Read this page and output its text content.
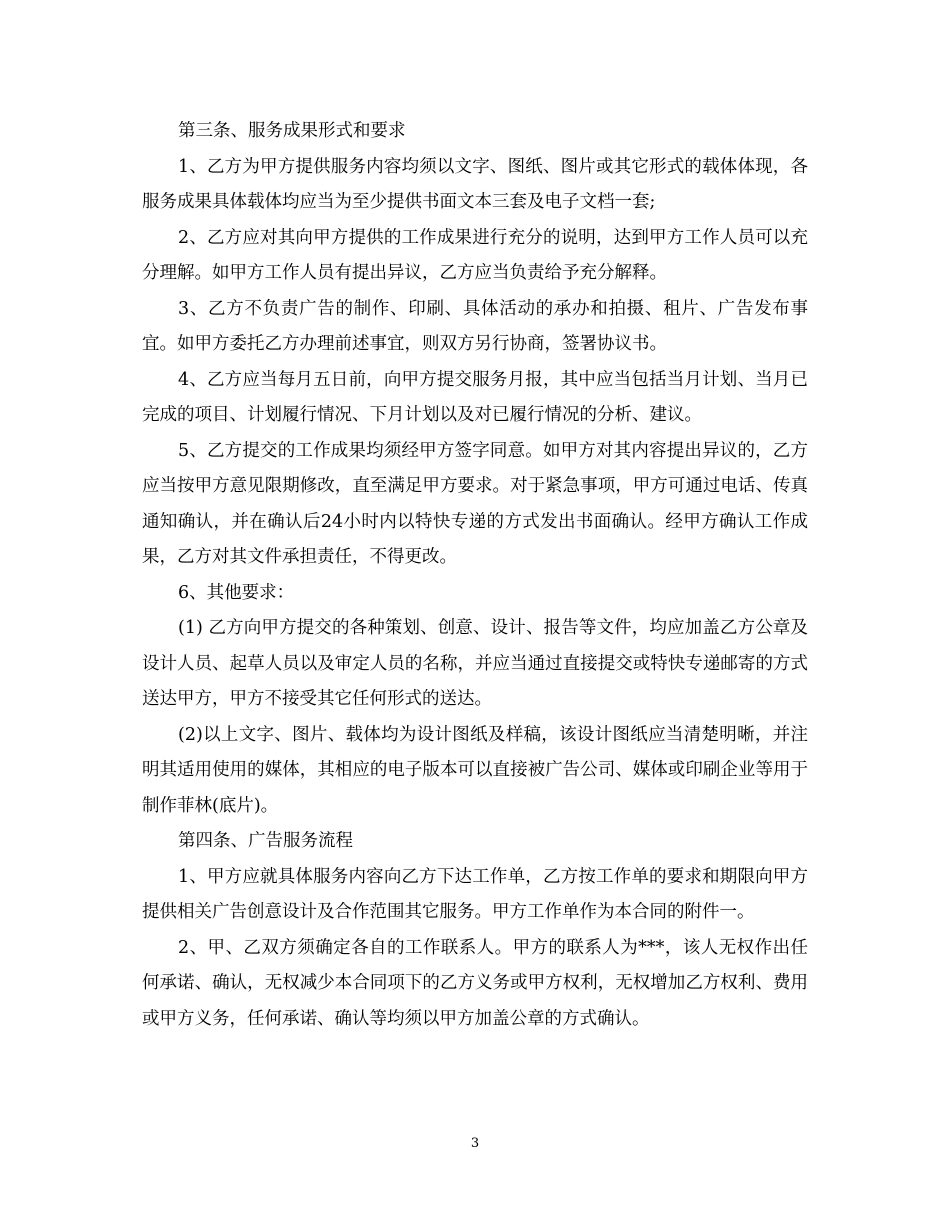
第三条、服务成果形式和要求

1、乙方为甲方提供服务内容均须以文字、图纸、图片或其它形式的载体体现，各服务成果具体载体均应当为至少提供书面文本三套及电子文档一套;

2、乙方应对其向甲方提供的工作成果进行充分的说明，达到甲方工作人员可以充分理解。如甲方工作人员有提出异议，乙方应当负责给予充分解释。

3、乙方不负责广告的制作、印刷、具体活动的承办和拍摄、租片、广告发布事宜。如甲方委托乙方办理前述事宜，则双方另行协商，签署协议书。

4、乙方应当每月五日前，向甲方提交服务月报，其中应当包括当月计划、当月已完成的项目、计划履行情况、下月计划以及对已履行情况的分析、建议。

5、乙方提交的工作成果均须经甲方签字同意。如甲方对其内容提出异议的，乙方应当按甲方意见限期修改，直至满足甲方要求。对于紧急事项，甲方可通过电话、传真通知确认，并在确认后24小时内以特快专递的方式发出书面确认。经甲方确认工作成果，乙方对其文件承担责任，不得更改。

6、其他要求：

(1) 乙方向甲方提交的各种策划、创意、设计、报告等文件，均应加盖乙方公章及设计人员、起草人员以及审定人员的名称，并应当通过直接提交或特快专递邮寄的方式送达甲方，甲方不接受其它任何形式的送达。

(2)以上文字、图片、载体均为设计图纸及样稿，该设计图纸应当清楚明晰，并注明其适用使用的媒体，其相应的电子版本可以直接被广告公司、媒体或印刷企业等用于制作菲林(底片)。

第四条、广告服务流程

1、甲方应就具体服务内容向乙方下达工作单，乙方按工作单的要求和期限向甲方提供相关广告创意设计及合作范围其它服务。甲方工作单作为本合同的附件一。

2、甲、乙双方须确定各自的工作联系人。甲方的联系人为***，该人无权作出任何承诺、确认，无权减少本合同项下的乙方义务或甲方权利，无权增加乙方权利、费用或甲方义务，任何承诺、确认等均须以甲方加盖公章的方式确认。

3
